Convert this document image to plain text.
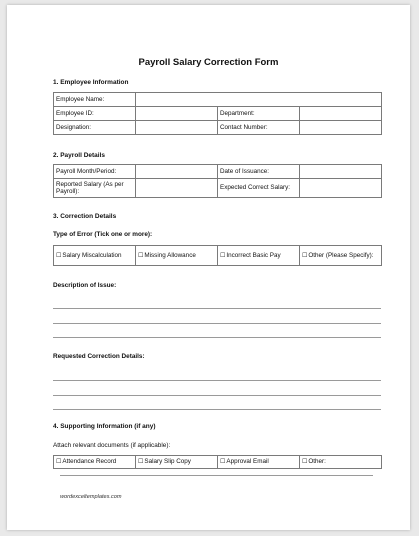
Payroll Salary Correction Form
1. Employee Information
Employee Name:			
Employee ID:		Department:	
Designation:		Contact Number:	
2. Payroll Details
Payroll Month/Period:		Date of Issuance:	
Reported Salary (As per Payroll):		Expected Correct Salary:	
3. Correction Details
Type of Error (Tick one or more):
☐Salary Miscalculation	☐Missing Allowance	☐Incorrect Basic Pay	☐Other (Please Specify):
Description of Issue:
Requested Correction Details:
4. Supporting Information (if any)
Attach relevant documents (if applicable):
☐Attendance Record	☐Salary Slip Copy	☐Approval Email	☐Other:
wordexceltemplates.com
